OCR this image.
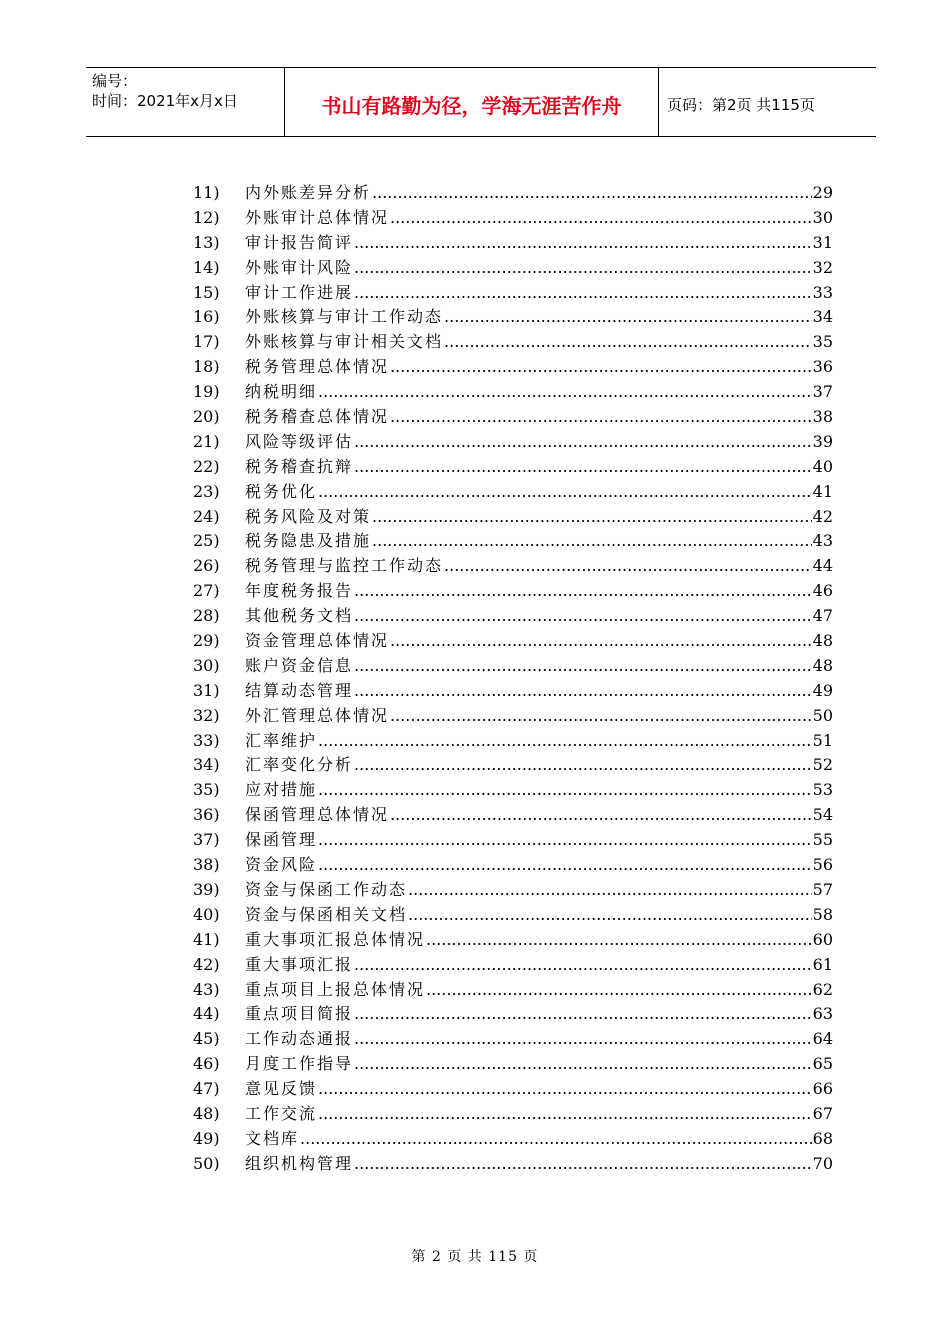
编号：
时间：2021年x月x日	书山有路勤为径，学海无涯苦作舟	页码：第2页 共115页
11)	内外账差异分析 .....	29
12)	外账审计总体情况 .....	30
13)	审计报告简评 .....	31
14)	外账审计风险 .....	32
15)	审计工作进展 .....	33
16)	外账核算与审计工作动态 .....	34
17)	外账核算与审计相关文档 .....	35
18)	税务管理总体情况 .....	36
19)	纳税明细 .....	37
20)	税务稽查总体情况 .....	38
21)	风险等级评估 .....	39
22)	税务稽查抗辩 .....	40
23)	税务优化 .....	41
24)	税务风险及对策 .....	42
25)	税务隐患及措施 .....	43
26)	税务管理与监控工作动态 .....	44
27)	年度税务报告 .....	46
28)	其他税务文档 .....	47
29)	资金管理总体情况 .....	48
30)	账户资金信息 .....	48
31)	结算动态管理 .....	49
32)	外汇管理总体情况 .....	50
33)	汇率维护 .....	51
34)	汇率变化分析 .....	52
35)	应对措施 .....	53
36)	保函管理总体情况 .....	54
37)	保函管理 .....	55
38)	资金风险 .....	56
39)	资金与保函工作动态 .....	57
40)	资金与保函相关文档 .....	58
41)	重大事项汇报总体情况 .....	60
42)	重大事项汇报 .....	61
43)	重点项目上报总体情况 .....	62
44)	重点项目简报 .....	63
45)	工作动态通报 .....	64
46)	月度工作指导 .....	65
47)	意见反馈 .....	66
48)	工作交流 .....	67
49)	文档库 .....	68
50)	组织机构管理 .....	70
第 2 页 共 115 页
